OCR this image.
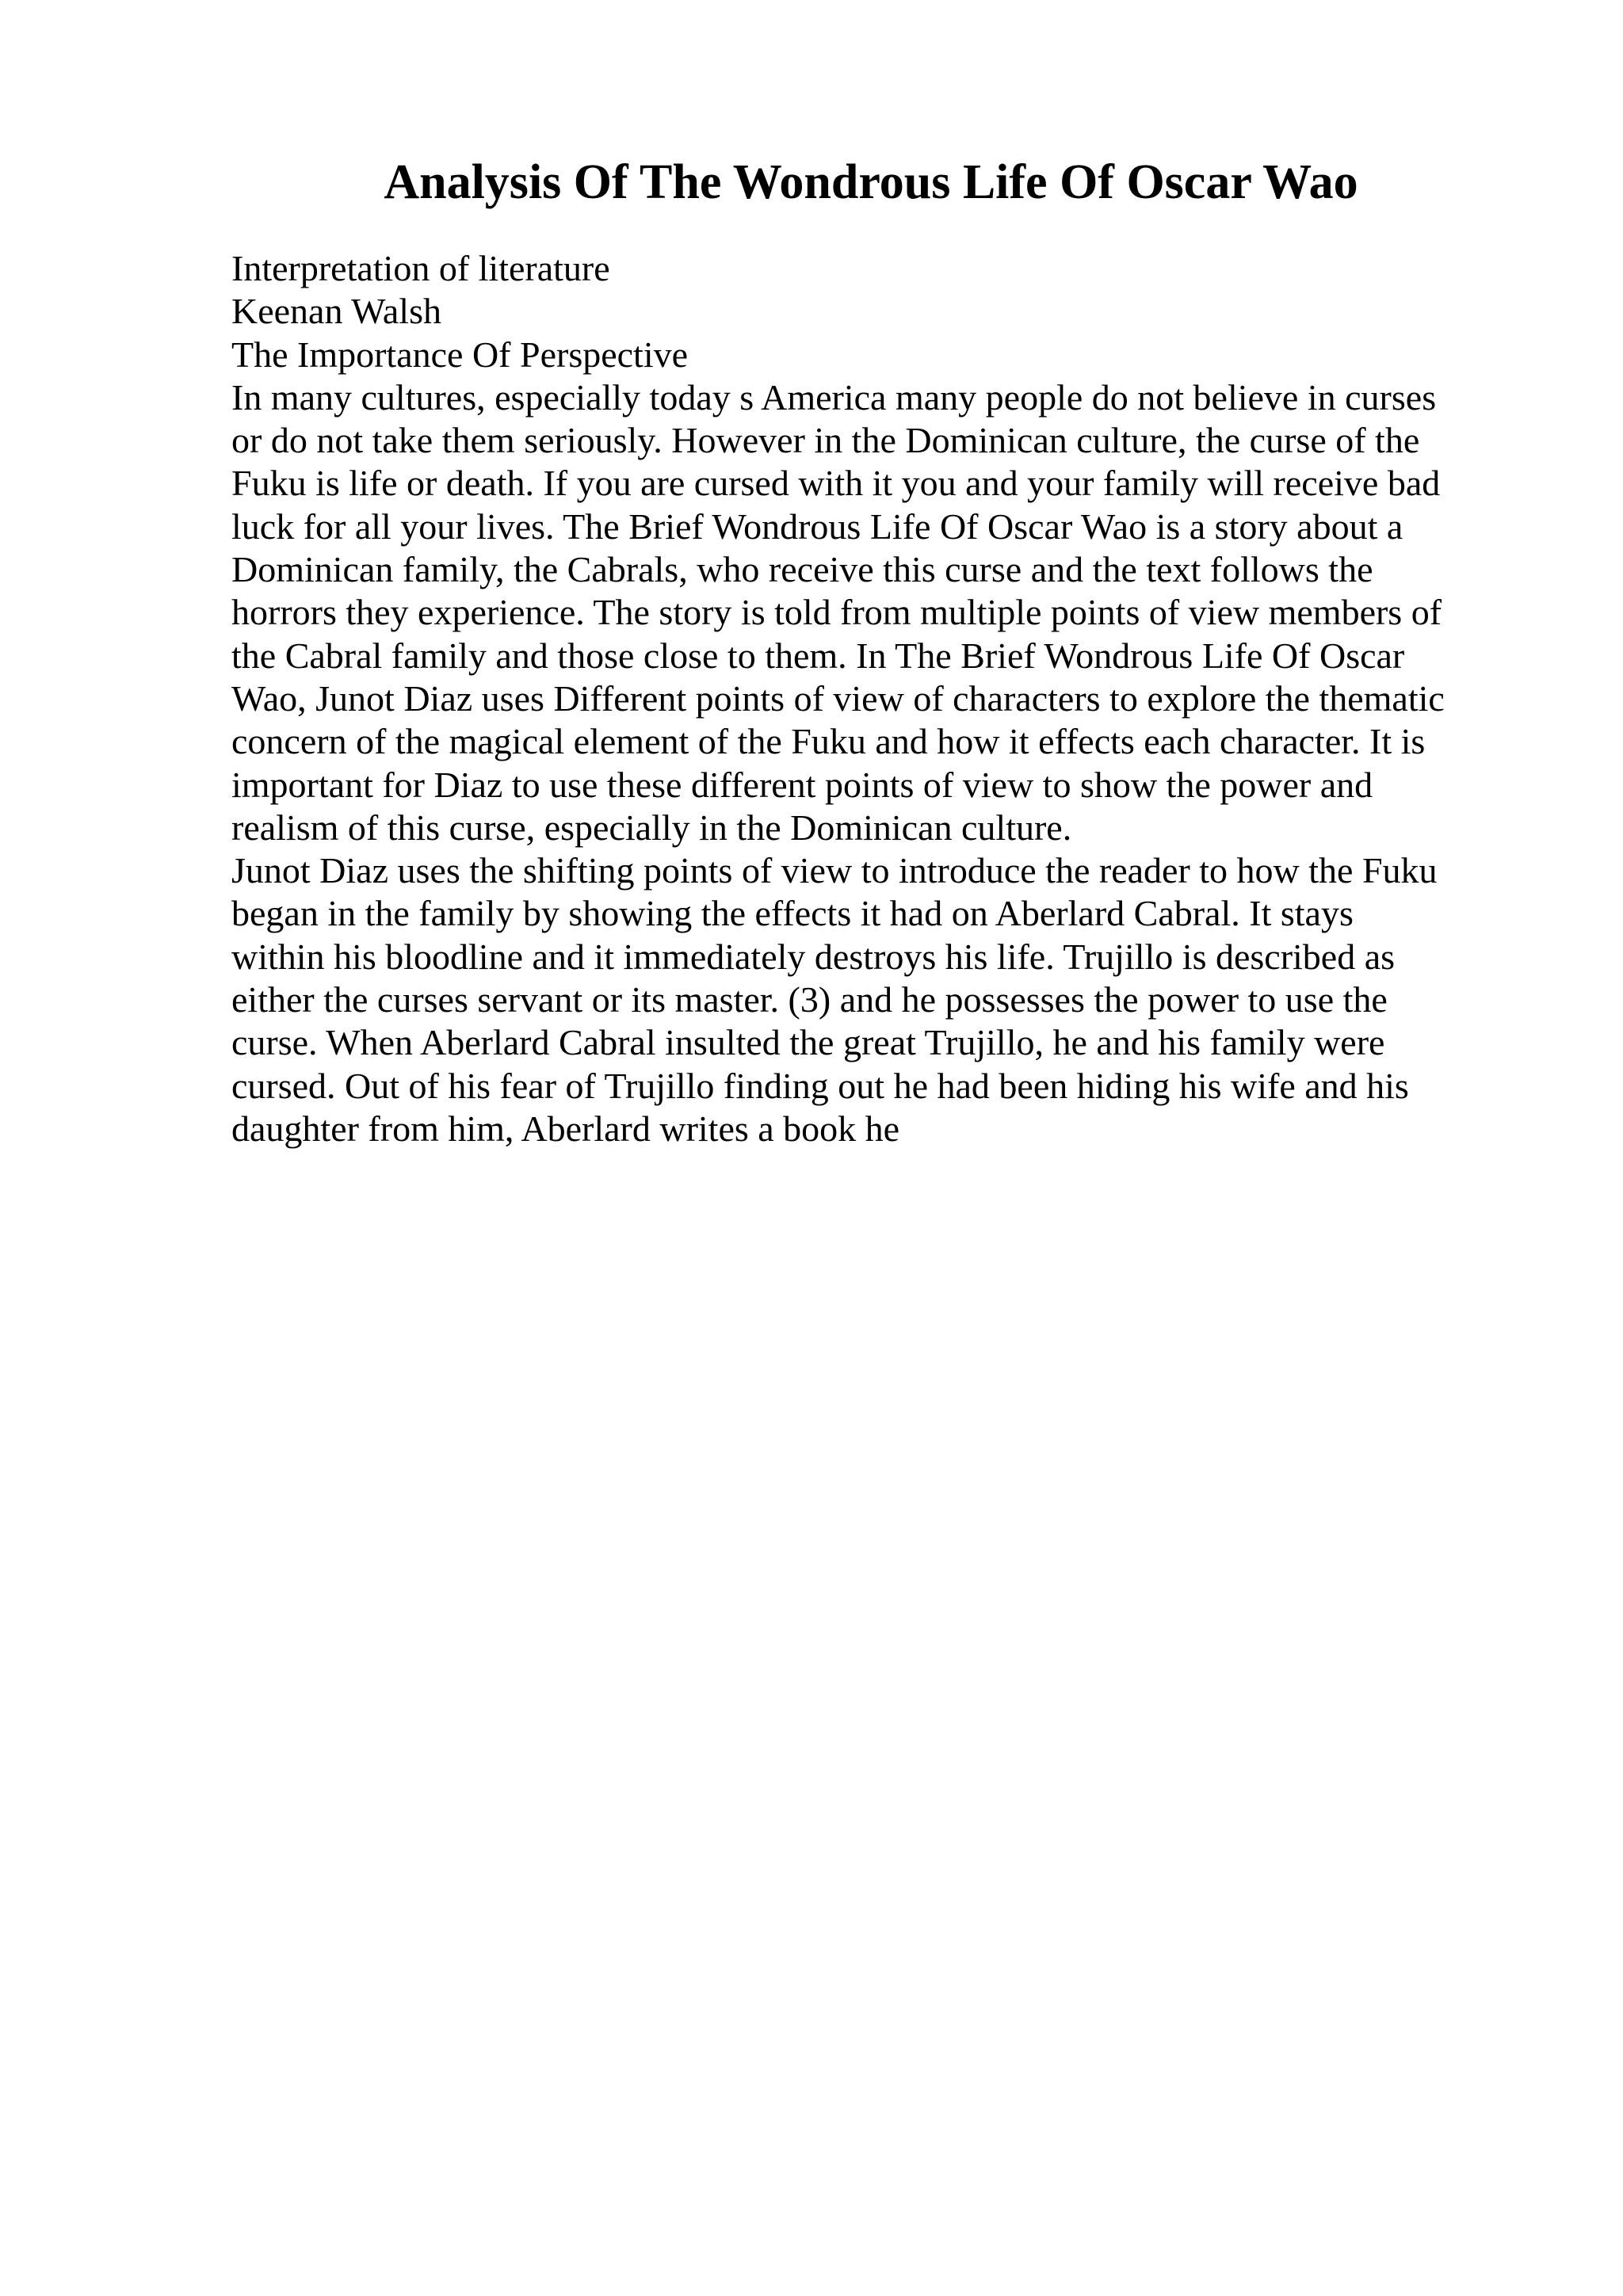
Analysis Of The Wondrous Life Of Oscar Wao
Interpretation of literature
Keenan Walsh
The Importance Of Perspective
In many cultures, especially today s America many people do not believe in curses
or do not take them seriously. However in the Dominican culture, the curse of the
Fuku is life or death. If you are cursed with it you and your family will receive bad
luck for all your lives. The Brief Wondrous Life Of Oscar Wao is a story about a
Dominican family, the Cabrals, who receive this curse and the text follows the
horrors they experience. The story is told from multiple points of view members of
the Cabral family and those close to them. In The Brief Wondrous Life Of Oscar
Wao, Junot Diaz uses Different points of view of characters to explore the thematic
concern of the magical element of the Fuku and how it effects each character. It is
important for Diaz to use these different points of view to show the power and
realism of this curse, especially in the Dominican culture.
Junot Diaz uses the shifting points of view to introduce the reader to how the Fuku
began in the family by showing the effects it had on Aberlard Cabral. It stays
within his bloodline and it immediately destroys his life. Trujillo is described as
either the curses servant or its master. (3) and he possesses the power to use the
curse. When Aberlard Cabral insulted the great Trujillo, he and his family were
cursed. Out of his fear of Trujillo finding out he had been hiding his wife and his
daughter from him, Aberlard writes a book he
